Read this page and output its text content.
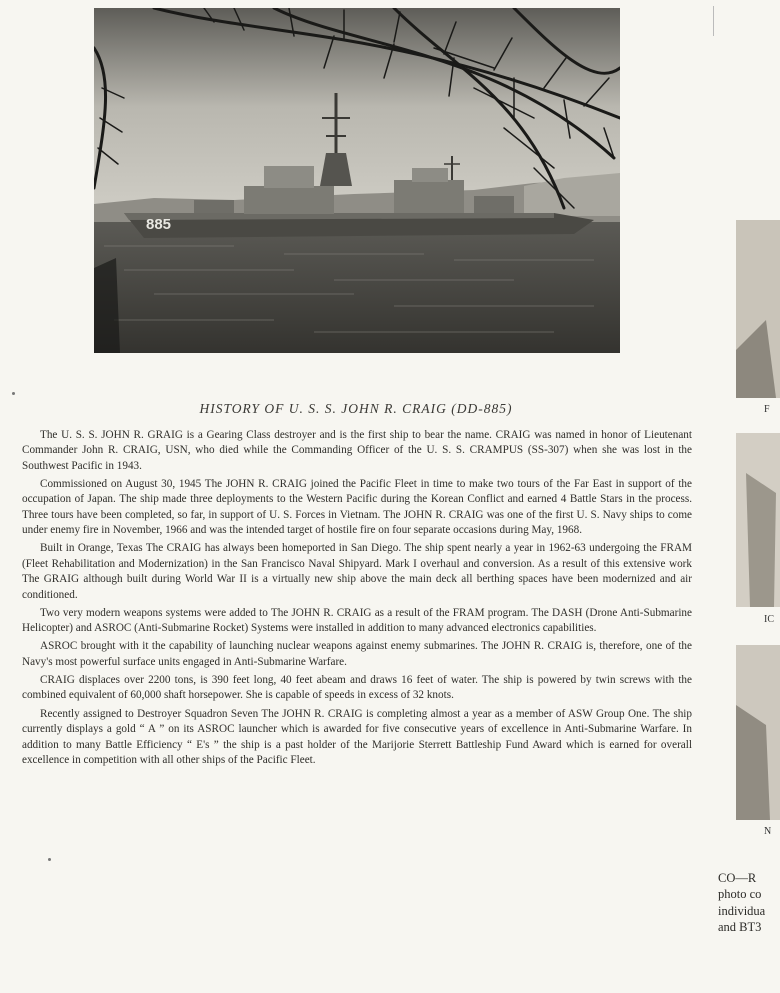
885
HISTORY OF U. S. S. JOHN R. CRAIG (DD-885)

The U. S. S. JOHN R. GRAIG is a Gearing Class destroyer and is the first ship to bear the name. CRAIG was named in honor of Lieutenant Commander John R. CRAIG, USN, who died while the Commanding Officer of the U. S. S. CRAMPUS (SS-307) when she was lost in the Southwest Pacific in 1943.

Commissioned on August 30, 1945 The JOHN R. CRAIG joined the Pacific Fleet in time to make two tours of the Far East in support of the occupation of Japan. The ship made three deployments to the Western Pacific during the Korean Conflict and earned 4 Battle Stars in the process. Three tours have been completed, so far, in support of U. S. Forces in Vietnam. The JOHN R. CRAIG was one of the first U. S. Navy ships to come under enemy fire in November, 1966 and was the intended target of hostile fire on four separate occasions during May, 1968.

Built in Orange, Texas The CRAIG has always been homeported in San Diego. The ship spent nearly a year in 1962-63 undergoing the FRAM (Fleet Rehabilitation and Modernization) in the San Francisco Naval Shipyard. Mark I overhaul and conversion. As a result of this extensive work The GRAIG although built during World War II is a virtually new ship above the main deck all berthing spaces have been modernized and air conditioned.

Two very modern weapons systems were added to The JOHN R. CRAIG as a result of the FRAM program. The DASH (Drone Anti-Submarine Helicopter) and ASROC (Anti-Submarine Rocket) Systems were installed in addition to many advanced electronics capabilities.

ASROC brought with it the capability of launching nuclear weapons against enemy submarines. The JOHN R. CRAIG is, therefore, one of the Navy's most powerful surface units engaged in Anti-Submarine Warfare.

CRAIG displaces over 2200 tons, is 390 feet long, 40 feet abeam and draws 16 feet of water. The ship is powered by twin screws with the combined equivalent of 60,000 shaft horsepower. She is capable of speeds in excess of 32 knots.

Recently assigned to Destroyer Squadron Seven The JOHN R. CRAIG is completing almost a year as a member of ASW Group One. The ship currently displays a gold “ A ” on its ASROC launcher which is awarded for five consecutive years of excellence in Anti-Submarine Warfare. In addition to many Battle Efficiency “ E's ” the ship is a past holder of the Marijorie Sterrett Battleship Fund Award which is earned for overall excellence in competition with all other ships of the Pacific Fleet.

F
IC
N
CO—R
photo co
individua
and BT3
